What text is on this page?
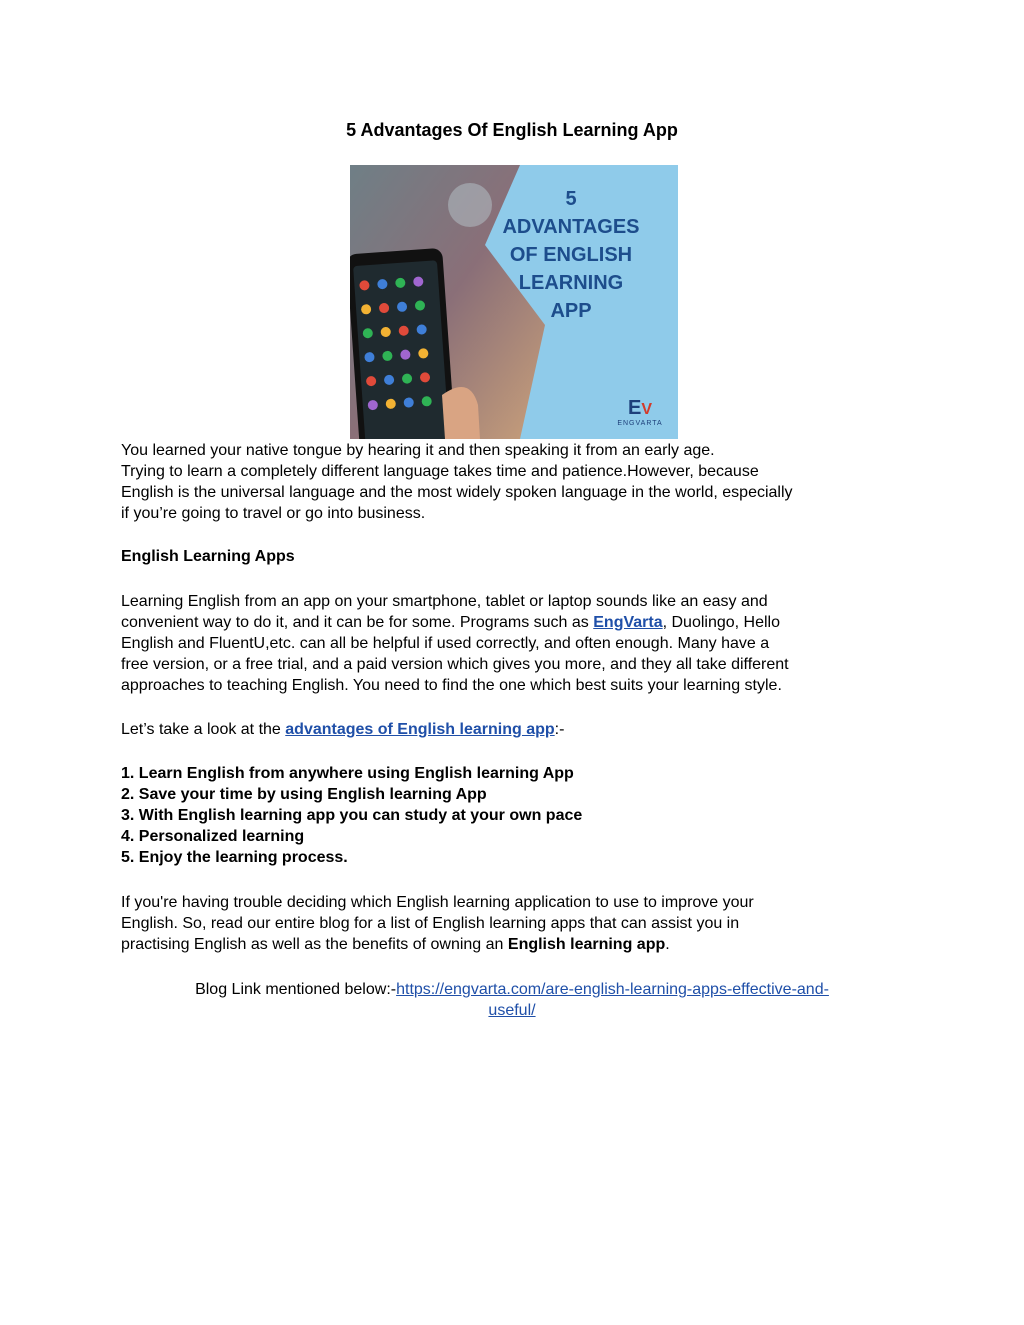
5 Advantages Of English Learning App
5
ADVANTAGES
OF ENGLISH
LEARNING
APP
EV
ENGVARTA

You learned your native tongue by hearing it and then speaking it from an early age.
Trying to learn a completely different language takes time and patience.However, because
English is the universal language and the most widely spoken language in the world, especially
if you’re going to travel or go into business.

English Learning Apps

Learning English from an app on your smartphone, tablet or laptop sounds like an easy and
convenient way to do it, and it can be for some. Programs such as EngVarta, Duolingo, Hello
English and FluentU,etc. can all be helpful if used correctly, and often enough. Many have a
free version, or a free trial, and a paid version which gives you more, and they all take different
approaches to teaching English. You need to find the one which best suits your learning style.

Let’s take a look at the advantages of English learning app:-

1. Learn English from anywhere using English learning App
2. Save your time by using English learning App
3. With English learning app you can study at your own pace
4. Personalized learning
5. Enjoy the learning process.

If you're having trouble deciding which English learning application to use to improve your
English. So, read our entire blog for a list of English learning apps that can assist you in
practising English as well as the benefits of owning an English learning app.

Blog Link mentioned below:-https://engvarta.com/are-english-learning-apps-effective-and-
useful/
